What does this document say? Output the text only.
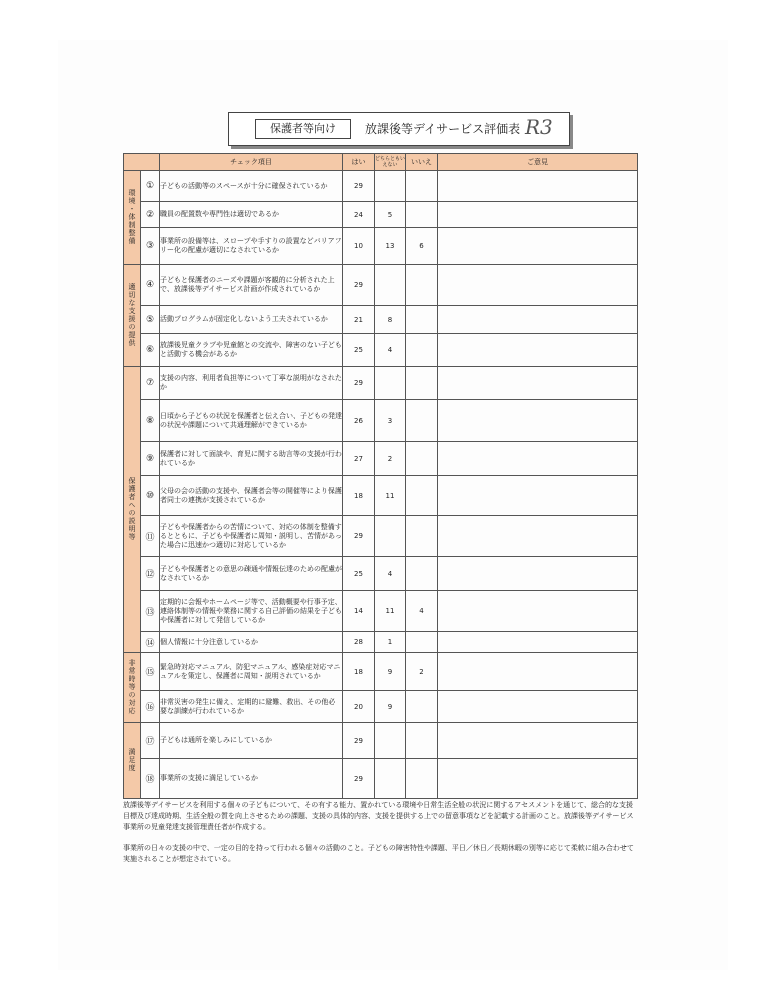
保護者等向け	放課後等デイサービス評価表 R3
		チェック項目	はい	どちらともいえない	いいえ	ご意見
環境・体制整備	①	子どもの活動等のスペースが十分に確保されているか	29			
	②	職員の配置数や専門性は適切であるか	24	5		
	③	事業所の設備等は、スロープや手すりの設置などバリアフリー化の配慮が適切になされているか	10	13	6	
適切な支援の提供	④	子どもと保護者のニーズや課題が客観的に分析された上で、放課後等デイサービス計画が作成されているか	29			
	⑤	活動プログラムが固定化しないよう工夫されているか	21	8		
	⑥	放課後児童クラブや児童館との交流や、障害のない子どもと活動する機会があるか	25	4		
保護者への説明等	⑦	支援の内容、利用者負担等について丁寧な説明がなされたか	29			
	⑧	日頃から子どもの状況を保護者と伝え合い、子どもの発達の状況や課題について共通理解ができているか	26	3		
	⑨	保護者に対して面談や、育児に関する助言等の支援が行われているか	27	2		
	⑩	父母の会の活動の支援や、保護者会等の開催等により保護者同士の連携が支援されているか	18	11		
	⑪	子どもや保護者からの苦情について、対応の体制を整備するとともに、子どもや保護者に周知・説明し、苦情があった場合に迅速かつ適切に対応しているか	29			
	⑫	子どもや保護者との意思の疎通や情報伝達のための配慮がなされているか	25	4		
	⑬	定期的に会報やホームページ等で、活動概要や行事予定、連絡体制等の情報や業務に関する自己評価の結果を子どもや保護者に対して発信しているか	14	11	4	
	⑭	個人情報に十分注意しているか	28	1		
非常時等の対応	⑮	緊急時対応マニュアル、防犯マニュアル、感染症対応マニュアルを策定し、保護者に周知・説明されているか	18	9	2	
	⑯	非常災害の発生に備え、定期的に避難、救出、その他必要な訓練が行われているか	20	9		
満足度	⑰	子どもは通所を楽しみにしているか	29			
	⑱	事業所の支援に満足しているか	29			

放課後等デイサービスを利用する個々の子どもについて、その有する能力、置かれている環境や日常生活全般の状況に関するアセスメントを通じて、総合的な支援目標及び達成時期、生活全般の質を向上させるための課題、支援の具体的内容、支援を提供する上での留意事項などを記載する計画のこと。放課後等デイサービス事業所の児童発達支援管理責任者が作成する。

事業所の日々の支援の中で、一定の目的を持って行われる個々の活動のこと。子どもの障害特性や課題、平日／休日／長期休暇の別等に応じて柔軟に組み合わせて実施されることが想定されている。
